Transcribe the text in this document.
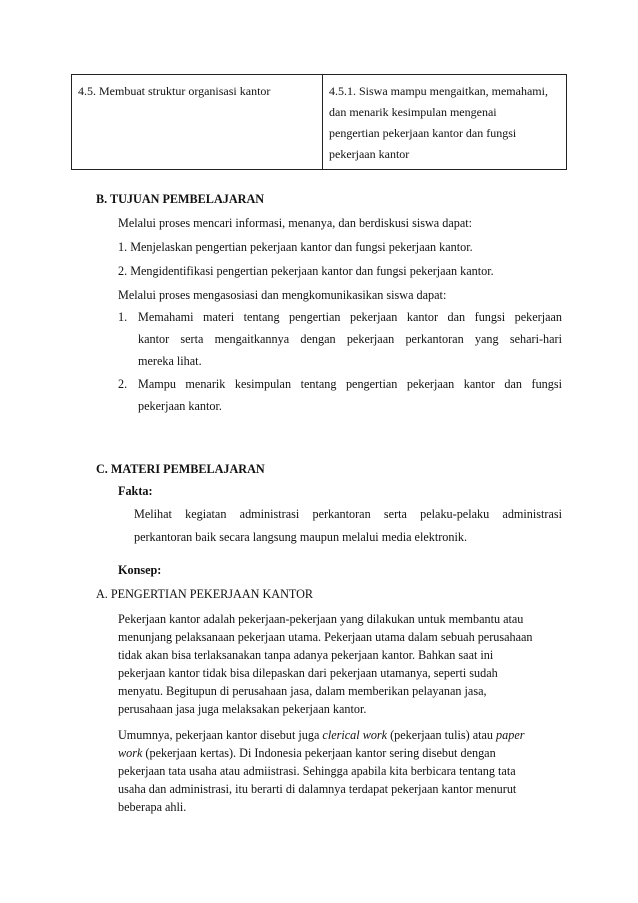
4.5. Membuat struktur organisasi kantor	4.5.1. Siswa mampu mengaitkan, memahami,

dan menarik kesimpulan mengenai

pengertian pekerjaan kantor dan fungsi

pekerjaan kantor

B. TUJUAN PEMBELAJARAN
Melalui proses mencari informasi, menanya, dan berdiskusi siswa dapat:
1. Menjelaskan pengertian pekerjaan kantor dan fungsi pekerjaan kantor.
2. Mengidentifikasi pengertian pekerjaan kantor dan fungsi pekerjaan kantor.
Melalui proses mengasosiasi dan mengkomunikasikan siswa dapat:
1. Memahami materi tentang pengertian pekerjaan kantor dan fungsi pekerjaan
kantor serta mengaitkannya dengan pekerjaan perkantoran yang sehari-hari
mereka lihat.
2. Mampu menarik kesimpulan tentang pengertian pekerjaan kantor dan fungsi
pekerjaan kantor.
C. MATERI PEMBELAJARAN
Fakta:
Melihat kegiatan administrasi perkantoran serta pelaku-pelaku administrasi
perkantoran baik secara langsung maupun melalui media elektronik.
Konsep:
A. PENGERTIAN PEKERJAAN KANTOR
Pekerjaan kantor adalah pekerjaan-pekerjaan yang dilakukan untuk membantu atau
menunjang pelaksanaan pekerjaan utama. Pekerjaan utama dalam sebuah perusahaan
tidak akan bisa terlaksanakan tanpa adanya pekerjaan kantor. Bahkan saat ini
pekerjaan kantor tidak bisa dilepaskan dari pekerjaan utamanya, seperti sudah
menyatu. Begitupun di perusahaan jasa, dalam memberikan pelayanan jasa,
perusahaan jasa juga melaksakan pekerjaan kantor.
Umumnya, pekerjaan kantor disebut juga clerical work (pekerjaan tulis) atau paper
work (pekerjaan kertas). Di Indonesia pekerjaan kantor sering disebut dengan
pekerjaan tata usaha atau admiistrasi. Sehingga apabila kita berbicara tentang tata
usaha dan administrasi, itu berarti di dalamnya terdapat pekerjaan kantor menurut
beberapa ahli.
